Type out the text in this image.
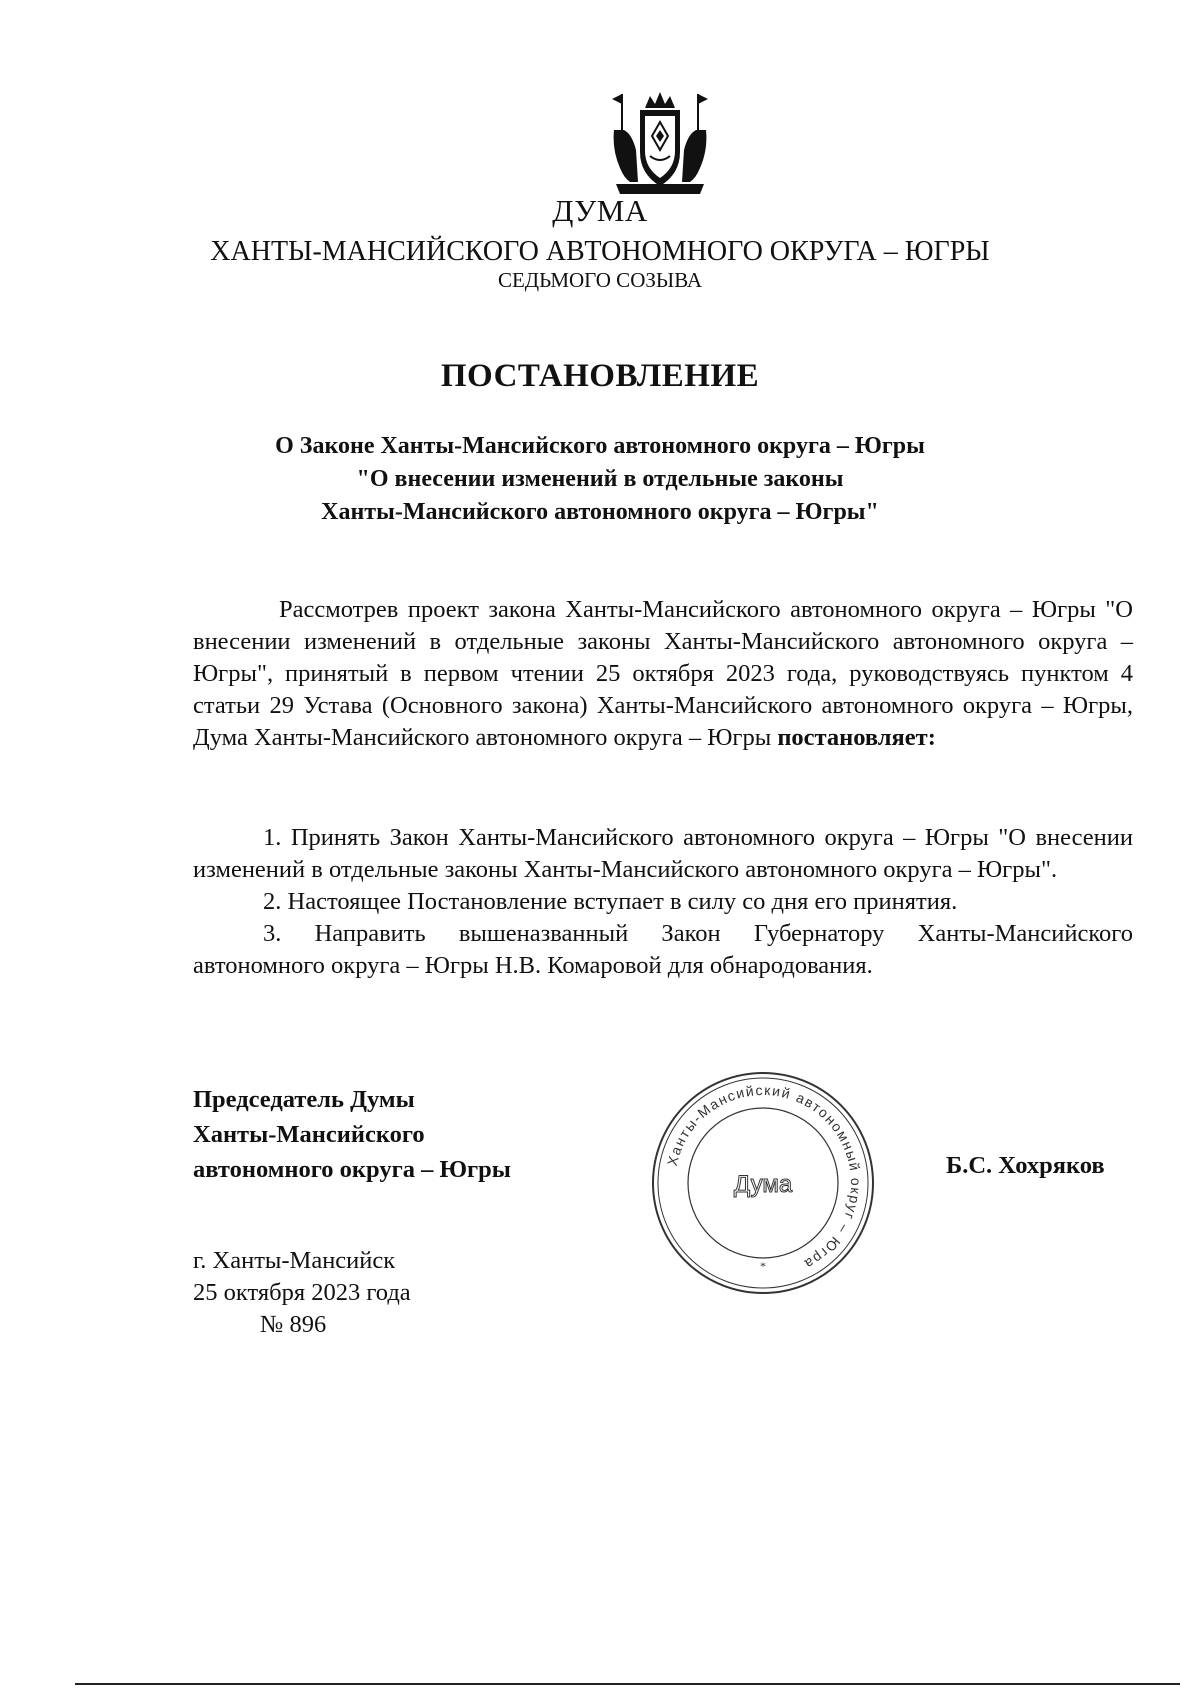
ДУМА
ХАНТЫ-МАНСИЙСКОГО АВТОНОМНОГО ОКРУГА – ЮГРЫ
СЕДЬМОГО СОЗЫВА
ПОСТАНОВЛЕНИЕ
О Законе Ханты-Мансийского автономного округа – Югры
"О внесении изменений в отдельные законы
Ханты-Мансийского автономного округа – Югры"
Рассмотрев проект закона Ханты-Мансийского автономного округа – Югры "О внесении изменений в отдельные законы Ханты-Мансийского автономного округа – Югры", принятый в первом чтении 25 октября 2023 года, руководствуясь пунктом 4 статьи 29 Устава (Основного закона) Ханты-Мансийского автономного округа – Югры, Дума Ханты-Мансийского автономного округа – Югры постановляет:

1. Принять Закон Ханты-Мансийского автономного округа – Югры "О внесении изменений в отдельные законы Ханты-Мансийского автономного округа – Югры".

2. Настоящее Постановление вступает в силу со дня его принятия.

3. Направить вышеназванный Закон Губернатору Ханты-Мансийского автономного округа – Югры Н.В. Комаровой для обнародования.

Председатель Думы
Ханты-Мансийского
автономного округа – Югры	Ханты-Мансийский автономный округ – Югра
Дума
*
Б.С. Хохряков
г. Ханты-Мансийск
25 октября 2023 года
№ 896
